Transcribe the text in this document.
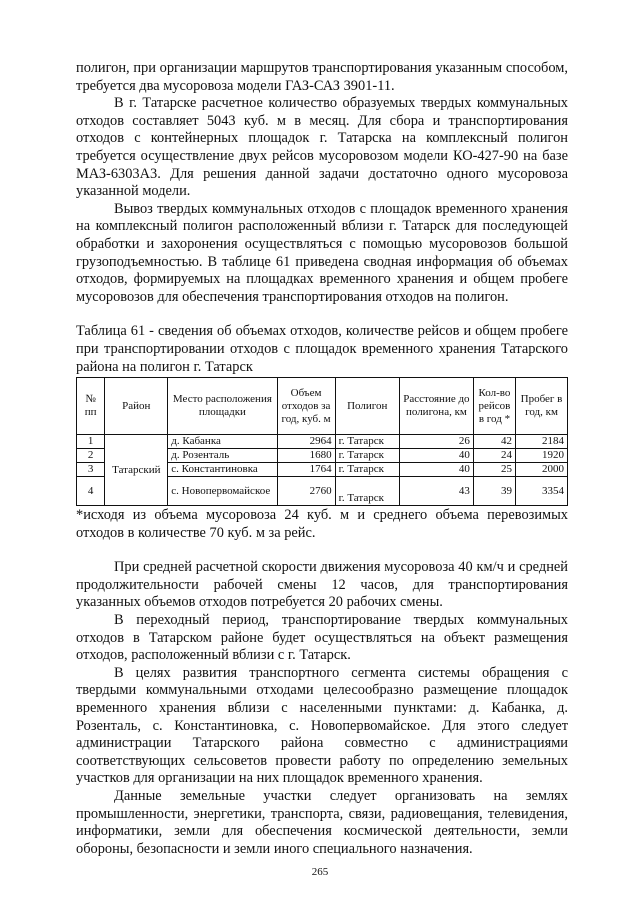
полигон, при организации маршрутов транспортирования указанным способом, требуется два мусоровоза модели ГАЗ-САЗ 3901-11.

В г. Татарске расчетное количество образуемых твердых коммунальных отходов составляет 5043 куб. м в месяц. Для сбора и транспортирования отходов с контейнерных площадок г. Татарска на комплексный полигон требуется осуществление двух рейсов мусоровозом модели КО-427-90 на базе МАЗ-6303А3. Для решения данной задачи достаточно одного мусоровоза указанной модели.

Вывоз твердых коммунальных отходов с площадок временного хранения на комплексный полигон расположенный вблизи г. Татарск для последующей обработки и захоронения осуществляться с помощью мусоровозов большой грузоподъемностью. В таблице 61 приведена сводная информация об объемах отходов, формируемых на площадках временного хранения и общем пробеге мусоровозов для обеспечения транспортирования отходов на полигон.

Таблица 61 - сведения об объемах отходов, количестве рейсов и общем пробеге при транспортировании отходов с площадок временного хранения Татарского района на полигон г. Татарск

№ пп	Район	Место расположения площадки	Объем отходов за год, куб. м	Полигон	Расстояние до полигона, км	Кол-во рейсов в год *	Пробег в год, км
1	Татарский	д. Кабанка	2964	г. Татарск	26	42	2184
2		д. Розенталь	1680	г. Татарск	40	24	1920
3		с. Константиновка	1764	г. Татарск	40	25	2000
4		с. Новопервомайское	2760	г. Татарск	43	39	3354

*исходя из объема мусоровоза 24 куб. м и среднего объема перевозимых отходов в количестве 70 куб. м за рейс.

При средней расчетной скорости движения мусоровоза 40 км/ч и средней продолжительности рабочей смены 12 часов, для транспортирования указанных объемов отходов потребуется 20 рабочих смены.

В переходный период, транспортирование твердых коммунальных отходов в Татарском районе будет осуществляться на объект размещения отходов, расположенный вблизи с г. Татарск.

В целях развития транспортного сегмента системы обращения с твердыми коммунальными отходами целесообразно размещение площадок временного хранения вблизи с населенными пунктами: д. Кабанка, д. Розенталь, с. Константиновка, с. Новопервомайское. Для этого следует администрации Татарского района совместно с администрациями соответствующих сельсоветов провести работу по определению земельных участков для организации на них площадок временного хранения.

Данные земельные участки следует организовать на землях промышленности, энергетики, транспорта, связи, радиовещания, телевидения, информатики, земли для обеспечения космической деятельности, земли обороны, безопасности и земли иного специального назначения.

265
